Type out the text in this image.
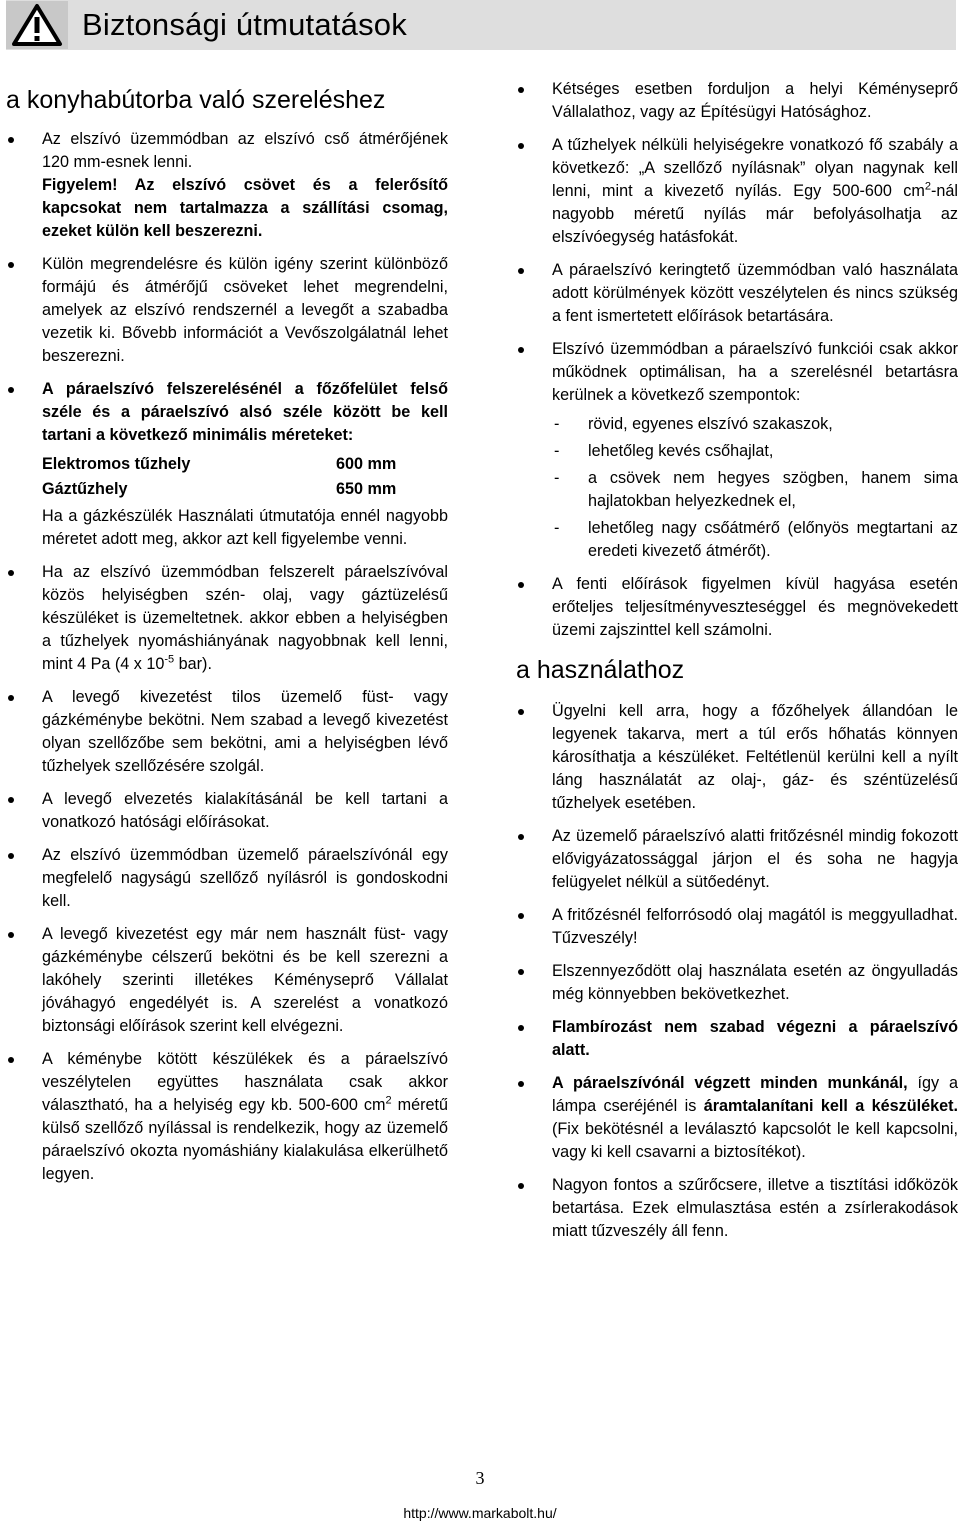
Biztonsági útmutatások
a konyhabútorba való szereléshez
Az elszívó üzemmódban az elszívó cső átmérőjének 120 mm-esnek lenni.
Figyelem! Az elszívó csövet és a felerősítő kapcsokat nem tartalmazza a szállítási csomag, ezeket külön kell beszerezni.
Külön megrendelésre és külön igény szerint különböző formájú és átmérőjű csöveket lehet megrendelni, amelyek az elszívó rendszernél a levegőt a szabadba vezetik ki. Bővebb információt a Vevőszolgálatnál lehet beszerezni.
A páraelszívó felszerelésénél a főzőfelület felső széle és a páraelszívó alsó széle között be kell tartani a következő minimális méreteket:
Elektromos tűzhely	600 mm
Gáztűzhely	650 mm
Ha a gázkészülék Használati útmutatója ennél nagyobb méretet adott meg, akkor azt kell figyelembe venni.
Ha az elszívó üzemmódban felszerelt páraelszívóval közös helyiségben szén- olaj, vagy gáztüzelésű készüléket is üzemeltetnek. akkor ebben a helyiségben a tűzhelyek nyomáshiányának nagyobbnak kell lenni, mint 4 Pa (4 x $10^{-5}$ bar).
A levegő kivezetést tilos üzemelő füst- vagy gázkéménybe bekötni. Nem szabad a levegő kivezetést olyan szellőzőbe sem bekötni, ami a helyiségben lévő tűzhelyek szellőzésére szolgál.
A levegő elvezetés kialakításánál be kell tartani a vonatkozó hatósági előírásokat.
Az elszívó üzemmódban üzemelő páraelszívónál egy megfelelő nagyságú szellőző nyílásról is gondoskodni kell.
A levegő kivezetést egy már nem használt füst- vagy gázkéménybe célszerű bekötni és be kell szerezni a lakóhely szerinti illetékes Kéményseprő Vállalat jóváhagyó engedélyét is. A szerelést a vonatkozó biztonsági előírások szerint kell elvégezni.
A kéménybe kötött készülékek és a páraelszívó veszélytelen együttes használata csak akkor választható, ha a helyiség egy kb. 500-600 $cm^2$ méretű külső szellőző nyílással is rendelkezik, hogy az üzemelő páraelszívó okozta nyomáshiány kialakulása elkerülhető legyen.
Kétséges esetben forduljon a helyi Kéményseprő Vállalathoz, vagy az Építésügyi Hatósághoz.
A tűzhelyek nélküli helyiségekre vonatkozó fő szabály a következő: „A szellőző nyílásnak” olyan nagynak kell lenni, mint a kivezető nyílás. Egy 500-600 $cm^2$-nál nagyobb méretű nyílás már befolyásolhatja az elszívóegység hatásfokát.
A páraelszívó keringtető üzemmódban való használata adott körülmények között veszélytelen és nincs szükség a fent ismertetett előírások betartására.
Elszívó üzemmódban a páraelszívó funkciói csak akkor működnek optimálisan, ha a szerelésnél betartásra kerülnek a következő szempontok:
- rövid, egyenes elszívó szakaszok,
- lehetőleg kevés csőhajlat,
- a csövek nem hegyes szögben, hanem sima hajlatokban helyezkednek el,
- lehetőleg nagy csőátmérő (előnyös megtartani az eredeti kivezető átmérőt).
A fenti előírások figyelmen kívül hagyása esetén erőteljes teljesítményveszteséggel és megnövekedett üzemi zajszinttel kell számolni.
a használathoz
Ügyelni kell arra, hogy a főzőhelyek állandóan le legyenek takarva, mert a túl erős hőhatás könnyen károsíthatja a készüléket. Feltétlenül kerülni kell a nyílt láng használatát az olaj-, gáz- és széntüzelésű tűzhelyek esetében.
Az üzemelő páraelszívó alatti fritőzésnél mindig fokozott elővigyázatossággal járjon el és soha ne hagyja felügyelet nélkül a sütőedényt.
A fritőzésnél felforrósodó olaj magától is meggyulladhat. Tűzveszély!
Elszennyeződött olaj használata esetén az öngyulladás még könnyebben bekövetkezhet.
Flambírozást nem szabad végezni a páraelszívó alatt.
A páraelszívónál végzett minden munkánál, így a lámpa cseréjénél is áramtalanítani kell a készüléket. (Fix bekötésnél a leválasztó kapcsolót le kell kapcsolni, vagy ki kell csavarni a biztosítékot).
Nagyon fontos a szűrőcsere, illetve a tisztítási időközök betartása. Ezek elmulasztása estén a zsírlerakodások miatt tűzveszély áll fenn.
3
http://www.markabolt.hu/
